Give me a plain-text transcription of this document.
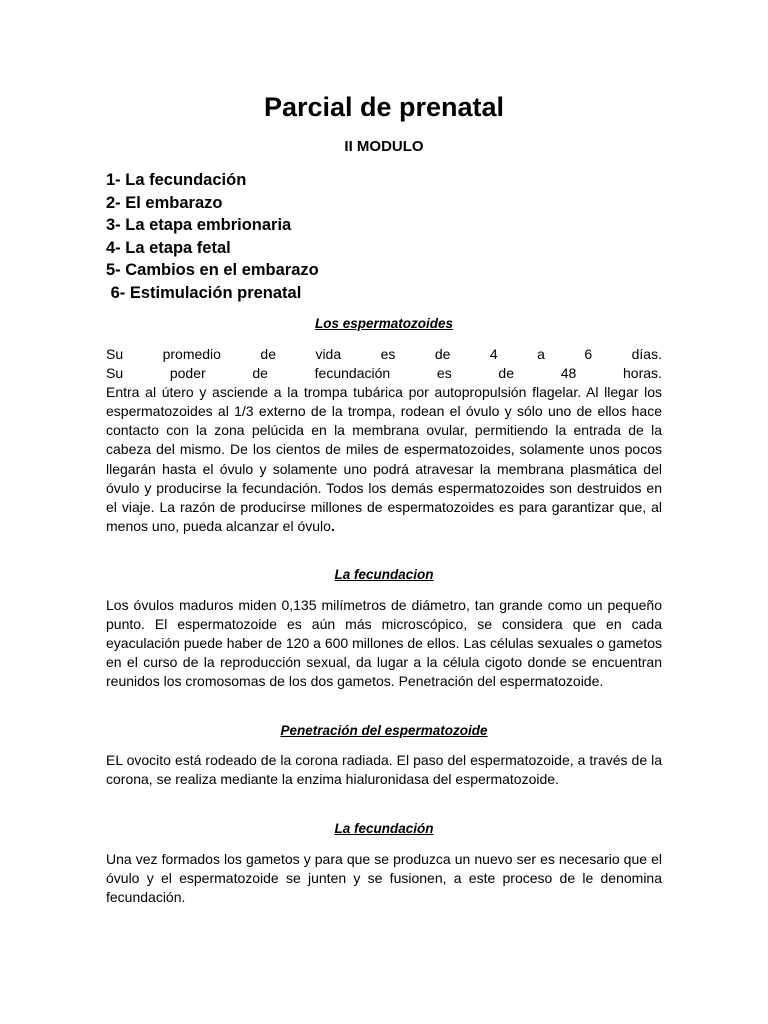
Parcial de prenatal
II MODULO
1- La fecundación
2- El embarazo
3- La etapa embrionaria
4- La etapa fetal
5- Cambios en el embarazo
6- Estimulación prenatal
Los espermatozoides
Su	promedio	de	vida	es	de	4	a	6	días.
Su	poder	de	fecundación	es	de	48	horas.
Entra al útero y asciende a la trompa tubárica por autopropulsión flagelar. Al llegar los espermatozoides al 1/3 externo de la trompa, rodean el óvulo y sólo uno de ellos hace contacto con la zona pelúcida en la membrana ovular, permitiendo la entrada de la cabeza del mismo. De los cientos de miles de espermatozoides, solamente unos pocos llegarán hasta el óvulo y solamente uno podrá atravesar la membrana plasmática del óvulo y producirse la fecundación. Todos los demás espermatozoides son destruidos en el viaje. La razón de producirse millones de espermatozoides es para garantizar que, al menos uno, pueda alcanzar el óvulo.
La fecundacion

Los óvulos maduros miden 0,135 milímetros de diámetro, tan grande como un pequeño punto. El espermatozoide es aún más microscópico, se considera que en cada eyaculación puede haber de 120 a 600 millones de ellos. Las células sexuales o gametos en el curso de la reproducción sexual, da lugar a la célula cigoto donde se encuentran reunidos los cromosomas de los dos gametos. Penetración del espermatozoide.

Penetración del espermatozoide

EL ovocito está rodeado de la corona radiada. El paso del espermatozoide, a través de la corona, se realiza mediante la enzima hialuronidasa del espermatozoide.

La fecundación

Una vez formados los gametos y para que se produzca un nuevo ser es necesario que el óvulo y el espermatozoide se junten y se fusionen, a este proceso de le denomina fecundación.
